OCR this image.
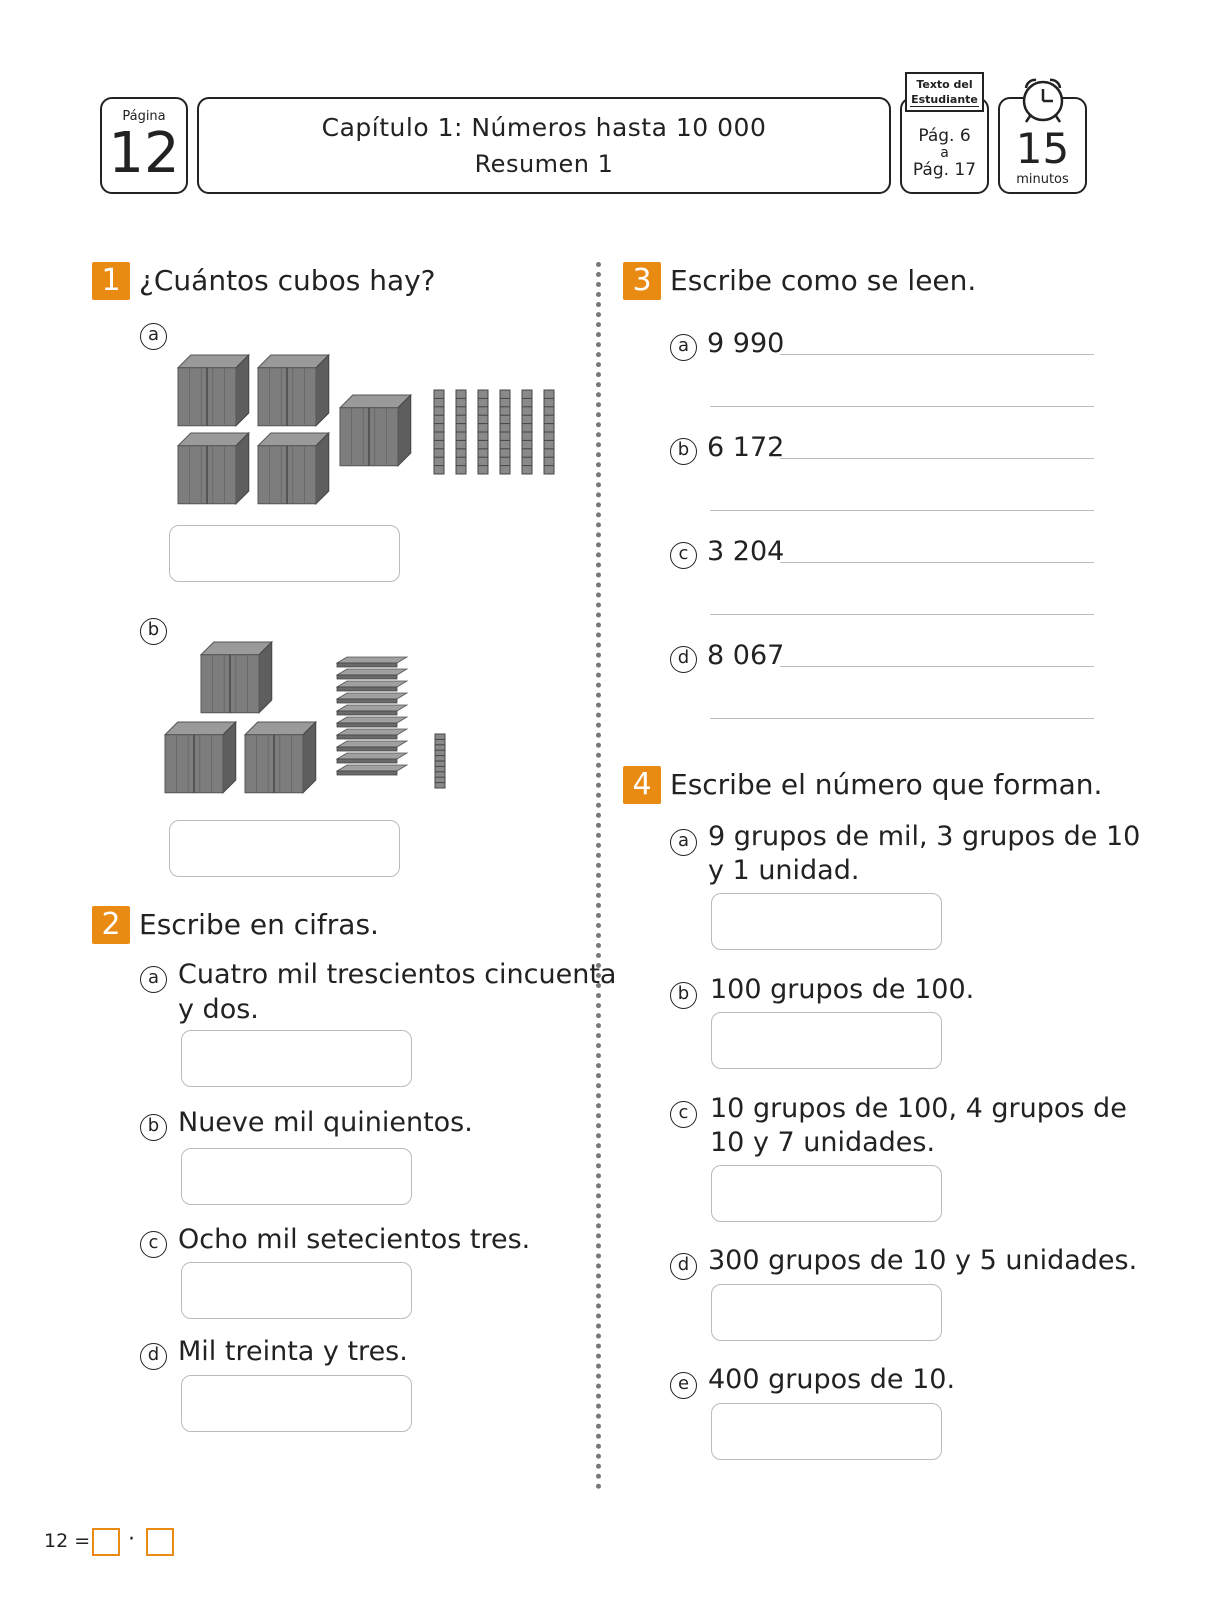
Página
12	Capítulo 1: Números hasta 10 000
Resumen 1
Pág. 6
a
Pág. 17
Texto del
Estudiante
15
minutos
1 ¿Cuántos cubos hay?
a
b
2 Escribe en cifras.
a Cuatro mil trescientos cincuenta
y dos.
b Nueve mil quinientos.
c Ocho mil setecientos tres.
d Mil treinta y tres.
3 Escribe como se leen.
a 9 990
b 6 172
c 3 204
d 8 067
4 Escribe el número que forman.
a 9 grupos de mil, 3 grupos de 10
y 1 unidad.
b 100 grupos de 100.
c 10 grupos de 100, 4 grupos de
10 y 7 unidades.
d 300 grupos de 10 y 5 unidades.
e 400 grupos de 10.
12 = ·
